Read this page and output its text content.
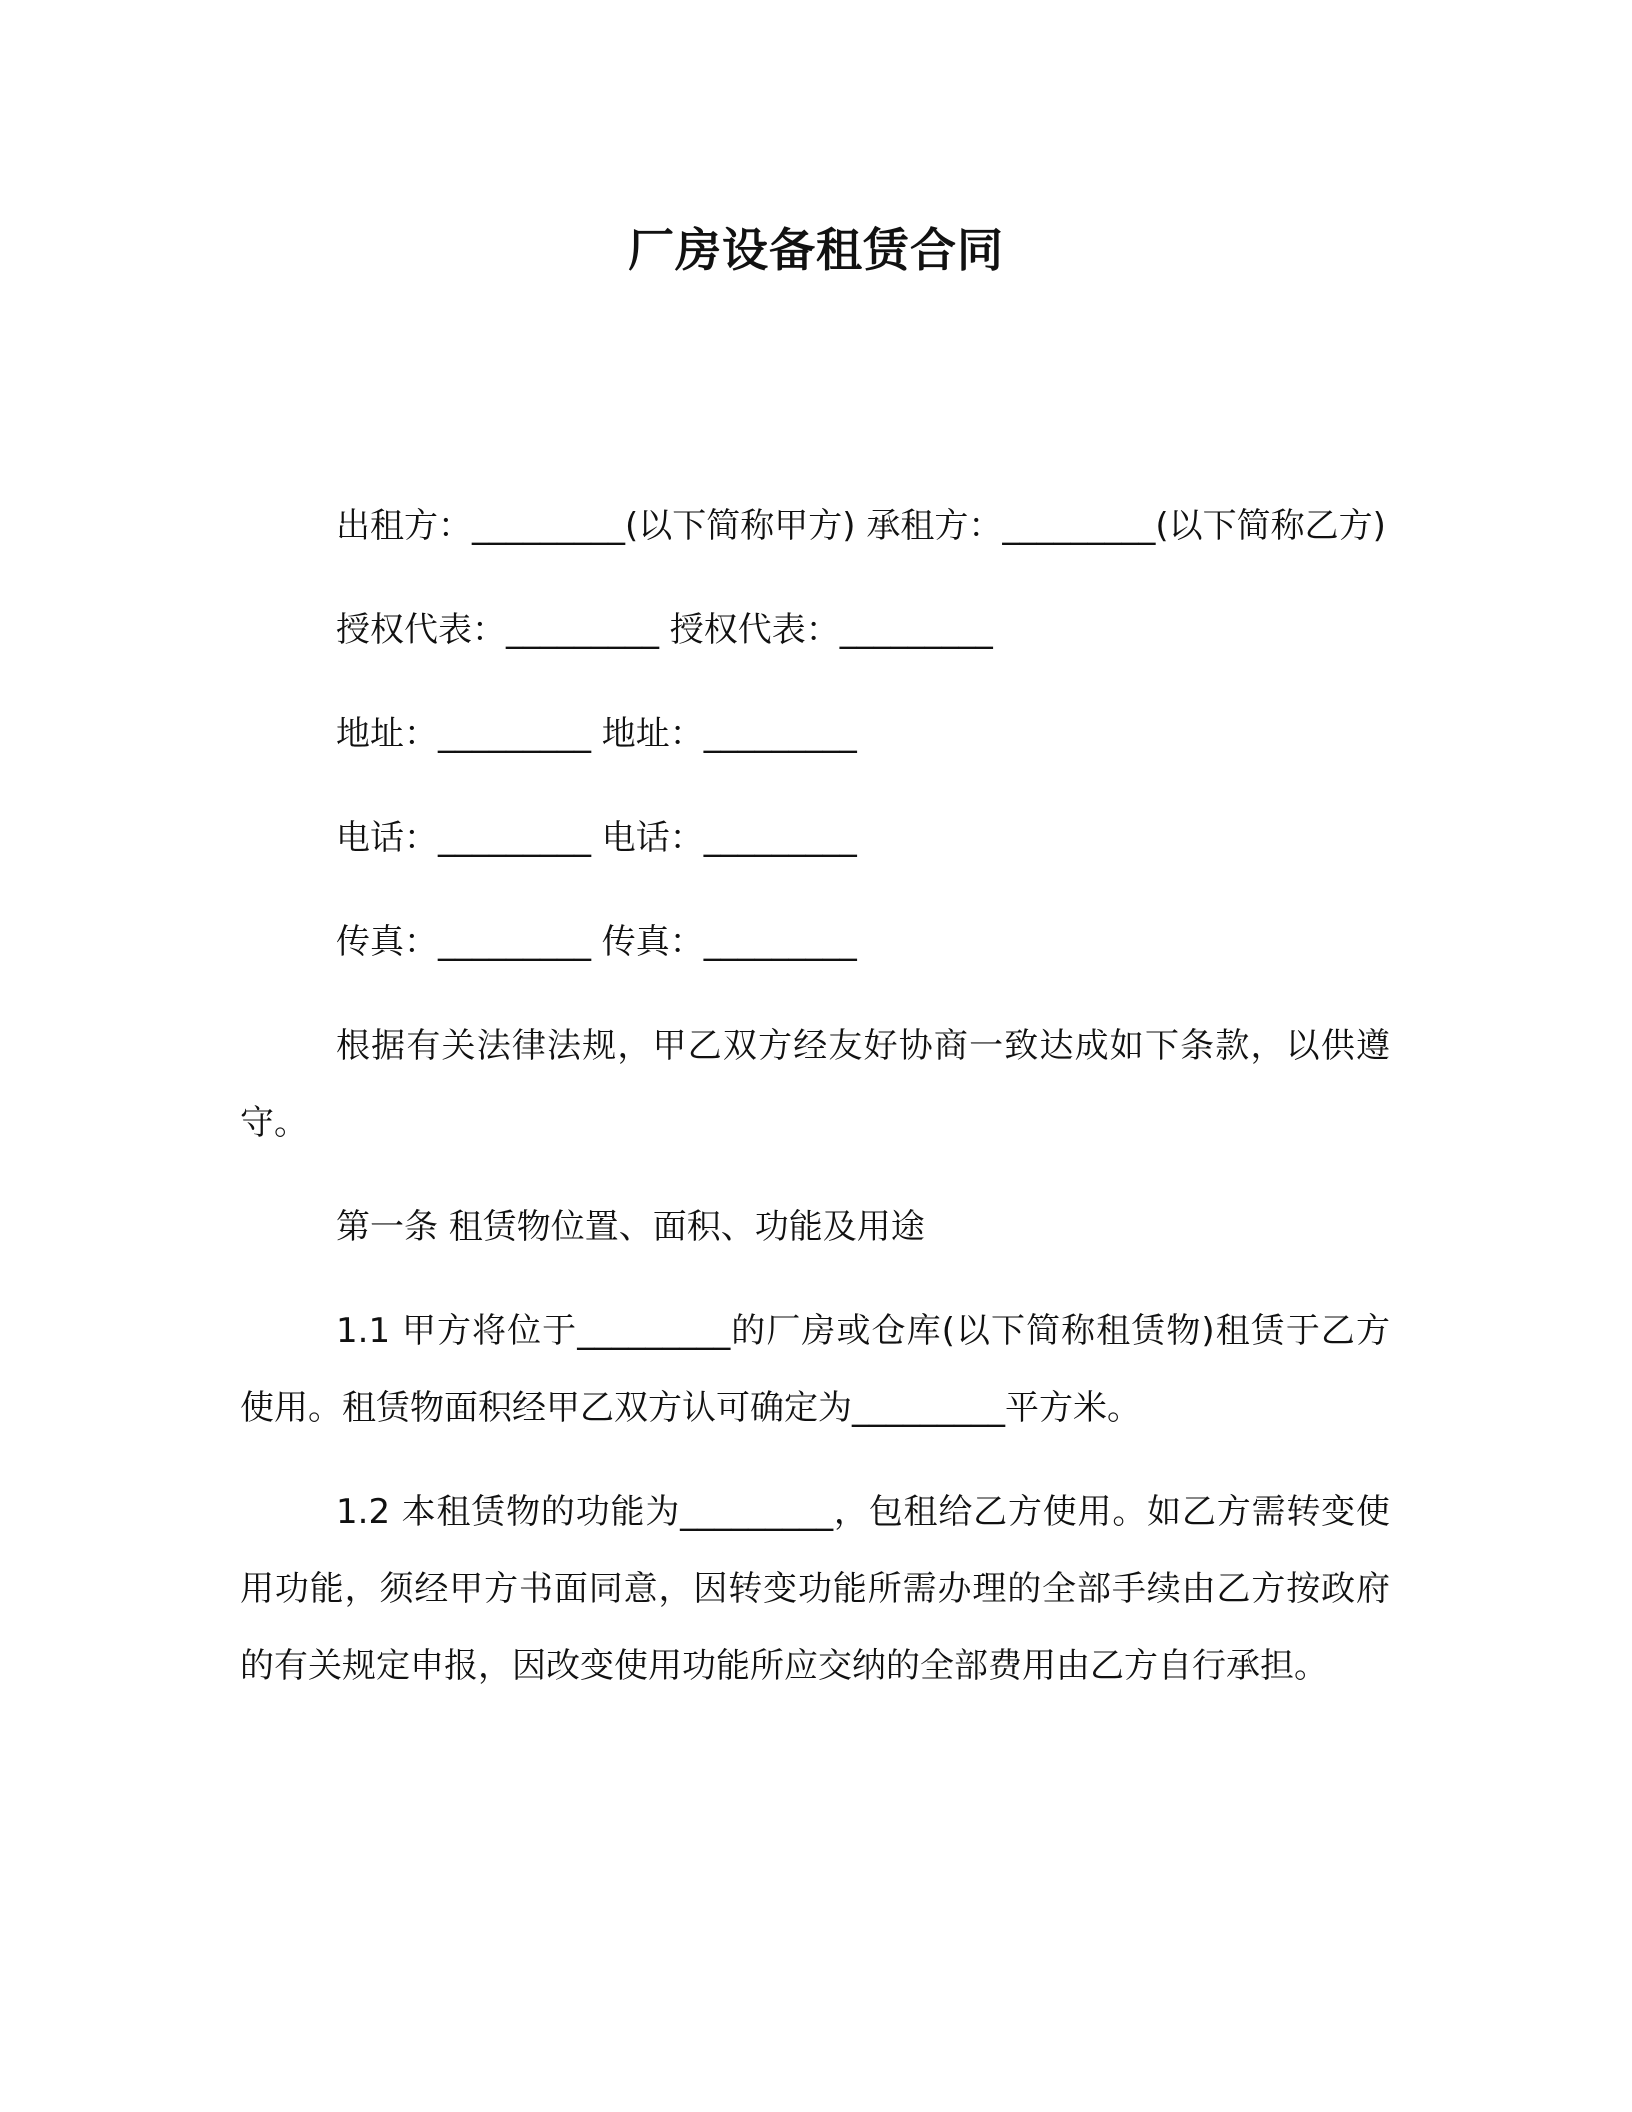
厂房设备租赁合同

出租方：_________(以下简称甲方) 承租方：_________(以下简称乙方)

授权代表：_________ 授权代表：_________

地址：_________ 地址：_________

电话：_________ 电话：_________

传真：_________ 传真：_________

根据有关法律法规，甲乙双方经友好协商一致达成如下条款，以供遵守。

第一条 租赁物位置、面积、功能及用途

1.1 甲方将位于_________的厂房或仓库(以下简称租赁物)租赁于乙方使用。租赁物面积经甲乙双方认可确定为_________平方米。

1.2 本租赁物的功能为_________，包租给乙方使用。如乙方需转变使用功能，须经甲方书面同意，因转变功能所需办理的全部手续由乙方按政府的有关规定申报，因改变使用功能所应交纳的全部费用由乙方自行承担。
